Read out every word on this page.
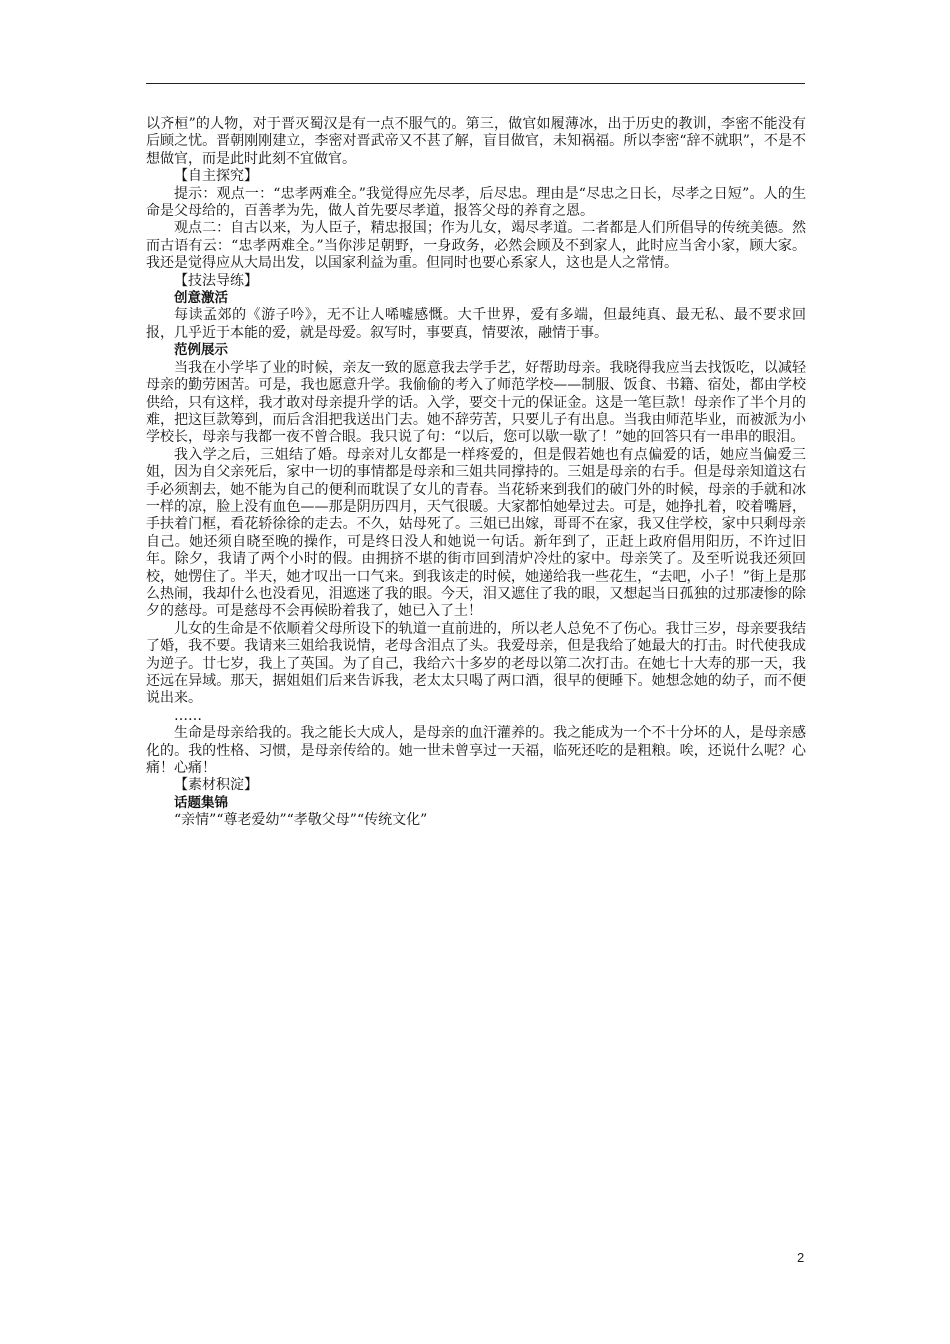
以齐桓”的人物，对于晋灭蜀汉是有一点不服气的。第三，做官如履薄冰，出于历史的教训，李密不能没有后顾之忧。晋朝刚刚建立，李密对晋武帝又不甚了解，盲目做官，未知祸福。所以李密“辞不就职”，不是不想做官，而是此时此刻不宜做官。

【自主探究】

提示：观点一：“忠孝两难全。”我觉得应先尽孝，后尽忠。理由是“尽忠之日长，尽孝之日短”。人的生命是父母给的，百善孝为先，做人首先要尽孝道，报答父母的养育之恩。

观点二：自古以来，为人臣子，精忠报国；作为儿女，竭尽孝道。二者都是人们所倡导的传统美德。然而古语有云：“忠孝两难全。”当你涉足朝野，一身政务，必然会顾及不到家人，此时应当舍小家，顾大家。我还是觉得应从大局出发，以国家利益为重。但同时也要心系家人，这也是人之常情。

【技法导练】

创意激活

每读孟郊的《游子吟》，无不让人唏嘘感慨。大千世界，爱有多端，但最纯真、最无私、最不要求回报，几乎近于本能的爱，就是母爱。叙写时，事要真，情要浓，融情于事。

范例展示

当我在小学毕了业的时候，亲友一致的愿意我去学手艺，好帮助母亲。我晓得我应当去找饭吃，以减轻母亲的勤劳困苦。可是，我也愿意升学。我偷偷的考入了师范学校——制服、饭食、书籍、宿处，都由学校供给，只有这样，我才敢对母亲提升学的话。入学，要交十元的保证金。这是一笔巨款！母亲作了半个月的难，把这巨款筹到，而后含泪把我送出门去。她不辞劳苦，只要儿子有出息。当我由师范毕业，而被派为小学校长，母亲与我都一夜不曾合眼。我只说了句：“以后，您可以歇一歇了！”她的回答只有一串串的眼泪。

我入学之后，三姐结了婚。母亲对儿女都是一样疼爱的，但是假若她也有点偏爱的话，她应当偏爱三姐，因为自父亲死后，家中一切的事情都是母亲和三姐共同撑持的。三姐是母亲的右手。但是母亲知道这右手必须割去，她不能为自己的便利而耽误了女儿的青春。当花轿来到我们的破门外的时候，母亲的手就和冰一样的凉，脸上没有血色——那是阴历四月，天气很暖。大家都怕她晕过去。可是，她挣扎着，咬着嘴唇，手扶着门框，看花轿徐徐的走去。不久，姑母死了。三姐已出嫁，哥哥不在家，我又住学校，家中只剩母亲自己。她还须自晓至晚的操作，可是终日没人和她说一句话。新年到了，正赶上政府倡用阳历，不许过旧年。除夕，我请了两个小时的假。由拥挤不堪的街市回到清炉冷灶的家中。母亲笑了。及至听说我还须回校，她愣住了。半天，她才叹出一口气来。到我该走的时候，她递给我一些花生，“去吧，小子！”街上是那么热闹，我却什么也没看见，泪遮迷了我的眼。今天，泪又遮住了我的眼，又想起当日孤独的过那凄惨的除夕的慈母。可是慈母不会再候盼着我了，她已入了土！

儿女的生命是不依顺着父母所设下的轨道一直前进的，所以老人总免不了伤心。我廿三岁，母亲要我结了婚，我不要。我请来三姐给我说情，老母含泪点了头。我爱母亲，但是我给了她最大的打击。时代使我成为逆子。廿七岁，我上了英国。为了自己，我给六十多岁的老母以第二次打击。在她七十大寿的那一天，我还远在异域。那天，据姐姐们后来告诉我，老太太只喝了两口酒，很早的便睡下。她想念她的幼子，而不便说出来。

……

生命是母亲给我的。我之能长大成人，是母亲的血汗灌养的。我之能成为一个不十分坏的人，是母亲感化的。我的性格、习惯，是母亲传给的。她一世未曾享过一天福，临死还吃的是粗粮。唉，还说什么呢？心痛！心痛！

【素材积淀】

话题集锦

“亲情”“尊老爱幼”“孝敬父母”“传统文化”

2
